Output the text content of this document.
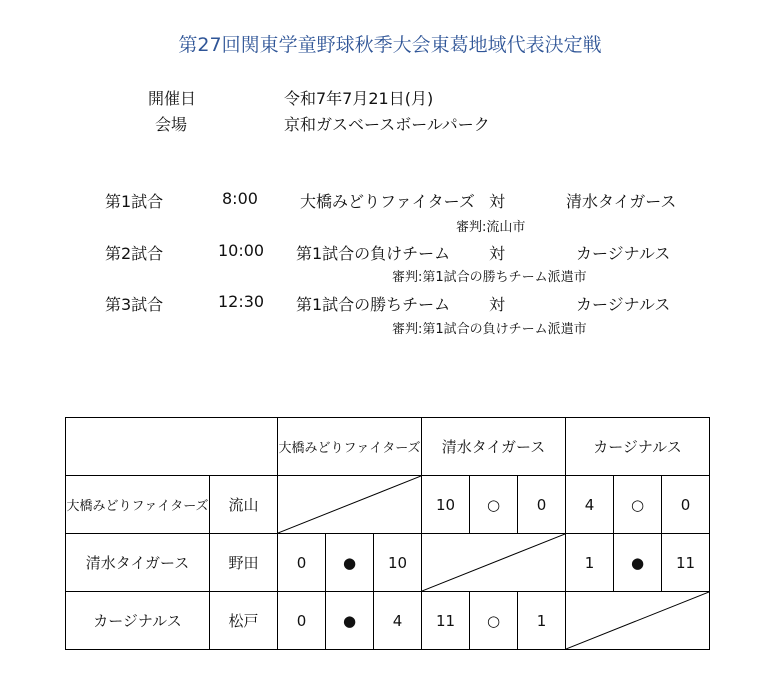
第27回関東学童野球秋季大会東葛地域代表決定戦
開催日	令和7年7月21日(月)
会場	京和ガスベースボールパーク
第1試合	8:00	大橋みどりファイターズ 対	清水タイガース
審判:流山市
第2試合	10:00 第1試合の負けチーム 対	カージナルス
審判:第1試合の勝ちチーム派遣市
第3試合	12:30 第1試合の勝ちチーム 対	カージナルス
審判:第1試合の負けチーム派遣市
		大橋みどりファイターズ			清水タイガース			カージナルス		
大橋みどりファイターズ	流山				10	○	0	4	○	0
清水タイガース	野田	0	●	10				1	●	11
カージナルス	松戸	0	●	4	11	○	1	
